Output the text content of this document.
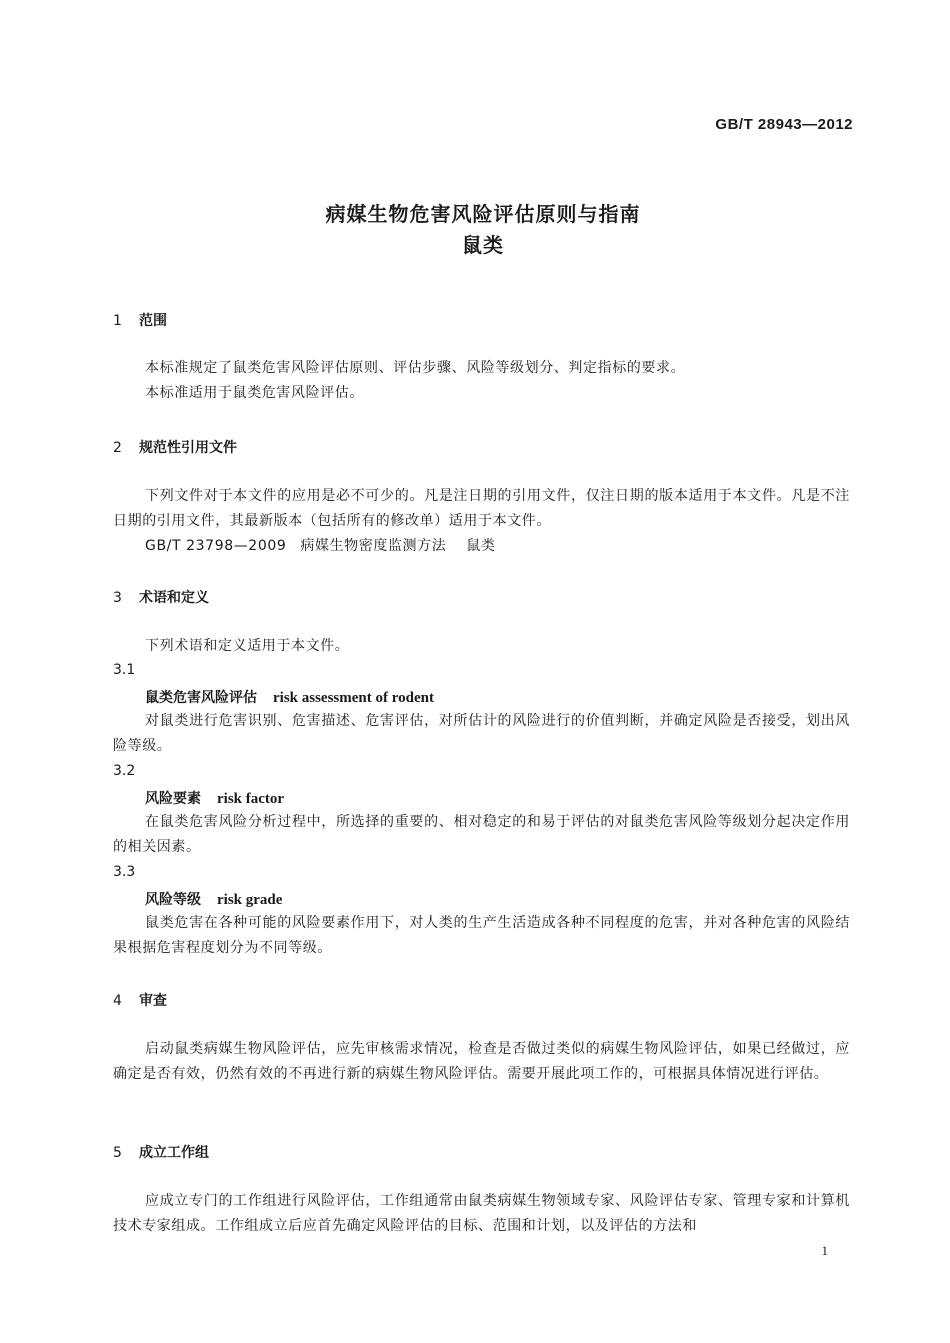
GB/T 28943—2012
病媒生物危害风险评估原则与指南
鼠类
1 范围

本标准规定了鼠类危害风险评估原则、评估步骤、风险等级划分、判定指标的要求。

本标准适用于鼠类危害风险评估。

2 规范性引用文件

下列文件对于本文件的应用是必不可少的。凡是注日期的引用文件，仅注日期的版本适用于本文件。凡是不注日期的引用文件，其最新版本（包括所有的修改单）适用于本文件。

GB/T 23798—2009 病媒生物密度监测方法 鼠类
3 术语和定义

下列术语和定义适用于本文件。

3.1
鼠类危害风险评估 risk assessment of rodent

对鼠类进行危害识别、危害描述、危害评估，对所估计的风险进行的价值判断，并确定风险是否接受，划出风险等级。

3.2
风险要素 risk factor

在鼠类危害风险分析过程中，所选择的重要的、相对稳定的和易于评估的对鼠类危害风险等级划分起决定作用的相关因素。

3.3
风险等级 risk grade

鼠类危害在各种可能的风险要素作用下，对人类的生产生活造成各种不同程度的危害，并对各种危害的风险结果根据危害程度划分为不同等级。

4 审查

启动鼠类病媒生物风险评估，应先审核需求情况，检查是否做过类似的病媒生物风险评估，如果已经做过，应确定是否有效，仍然有效的不再进行新的病媒生物风险评估。需要开展此项工作的，可根据具体情况进行评估。

5 成立工作组

应成立专门的工作组进行风险评估，工作组通常由鼠类病媒生物领域专家、风险评估专家、管理专家和计算机技术专家组成。工作组成立后应首先确定风险评估的目标、范围和计划，以及评估的方法和

1
